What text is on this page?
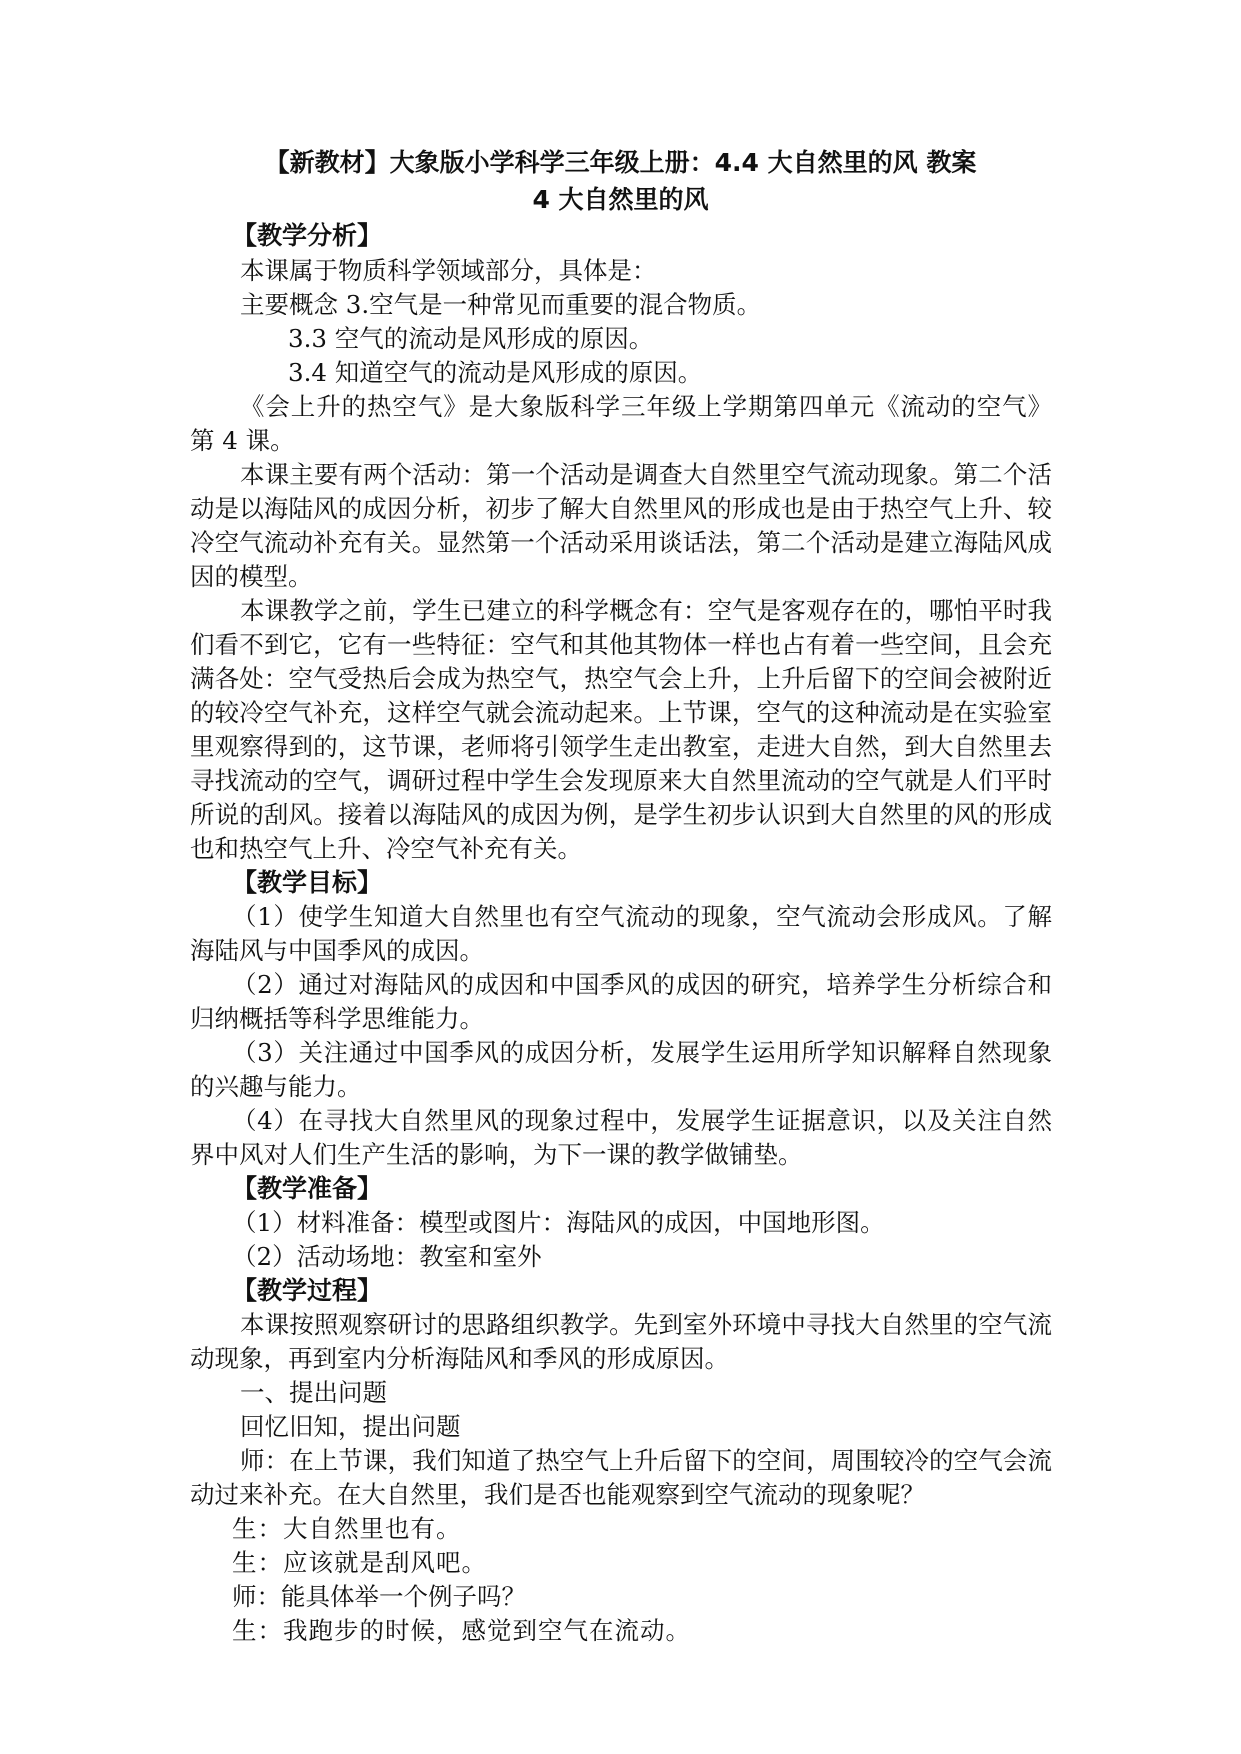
【新教材】大象版小学科学三年级上册：4.4 大自然里的风 教案
4 大自然里的风
【教学分析】
本课属于物质科学领域部分，具体是：
主要概念 3.空气是一种常见而重要的混合物质。
3.3 空气的流动是风形成的原因。
3.4 知道空气的流动是风形成的原因。
《会上升的热空气》是大象版科学三年级上学期第四单元《流动的空气》
第 4 课。
本课主要有两个活动：第一个活动是调查大自然里空气流动现象。第二个活
动是以海陆风的成因分析，初步了解大自然里风的形成也是由于热空气上升、较
冷空气流动补充有关。显然第一个活动采用谈话法，第二个活动是建立海陆风成
因的模型。
本课教学之前，学生已建立的科学概念有：空气是客观存在的，哪怕平时我
们看不到它，它有一些特征：空气和其他其物体一样也占有着一些空间，且会充
满各处：空气受热后会成为热空气，热空气会上升，上升后留下的空间会被附近
的较冷空气补充，这样空气就会流动起来。上节课，空气的这种流动是在实验室
里观察得到的，这节课，老师将引领学生走出教室，走进大自然，到大自然里去
寻找流动的空气，调研过程中学生会发现原来大自然里流动的空气就是人们平时
所说的刮风。接着以海陆风的成因为例，是学生初步认识到大自然里的风的形成
也和热空气上升、冷空气补充有关。
【教学目标】
（1）使学生知道大自然里也有空气流动的现象，空气流动会形成风。了解
海陆风与中国季风的成因。
（2）通过对海陆风的成因和中国季风的成因的研究，培养学生分析综合和
归纳概括等科学思维能力。
（3）关注通过中国季风的成因分析，发展学生运用所学知识解释自然现象
的兴趣与能力。
（4）在寻找大自然里风的现象过程中，发展学生证据意识，以及关注自然
界中风对人们生产生活的影响，为下一课的教学做铺垫。
【教学准备】
（1）材料准备：模型或图片：海陆风的成因，中国地形图。
（2）活动场地：教室和室外
【教学过程】
本课按照观察研讨的思路组织教学。先到室外环境中寻找大自然里的空气流
动现象，再到室内分析海陆风和季风的形成原因。
一、提出问题
回忆旧知，提出问题
师：在上节课，我们知道了热空气上升后留下的空间，周围较冷的空气会流
动过来补充。在大自然里，我们是否也能观察到空气流动的现象呢？
生：大自然里也有。
生：应该就是刮风吧。
师：能具体举一个例子吗？
生：我跑步的时候，感觉到空气在流动。
